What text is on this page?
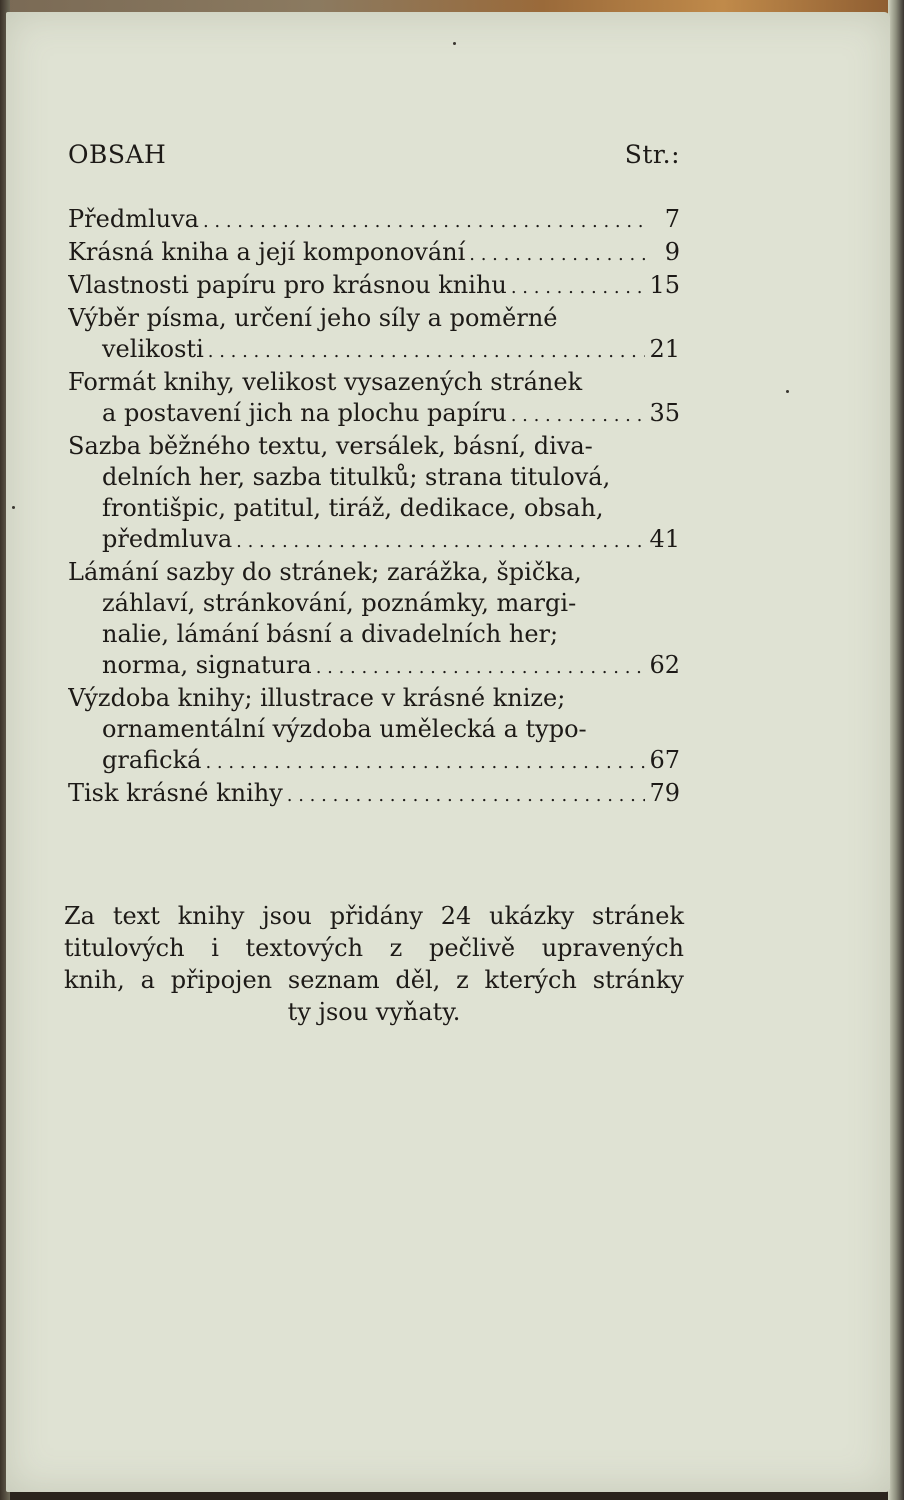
OBSAH	Str.:
Předmluva . . .	7
Krásná kniha a její komponování . . .	9
Vlastnosti papíru pro krásnou knihu . . .	15
Výběr písma, určení jeho síly a poměrné
velikosti . . .	21
Formát knihy, velikost vysazených stránek
a postavení jich na plochu papíru . . .	35
Sazba běžného textu, versálek, básní, diva-
delních her, sazba titulků; strana titulová,
frontišpic, patitul, tiráž, dedikace, obsah,
předmluva . . .	41
Lámání sazby do stránek; zarážka, špička,
záhlaví, stránkování, poznámky, margi-
nalie, lámání básní a divadelních her;
norma, signatura . . .	62
Výzdoba knihy; illustrace v krásné knize;
ornamentální výzdoba umělecká a typo-
grafická . . .	67
Tisk krásné knihy . . .	79
Za text knihy jsou přidány 24 ukázky stránek
titulových i textových z pečlivě upravených
knih, a připojen seznam děl, z kterých stránky
ty jsou vyňaty.
